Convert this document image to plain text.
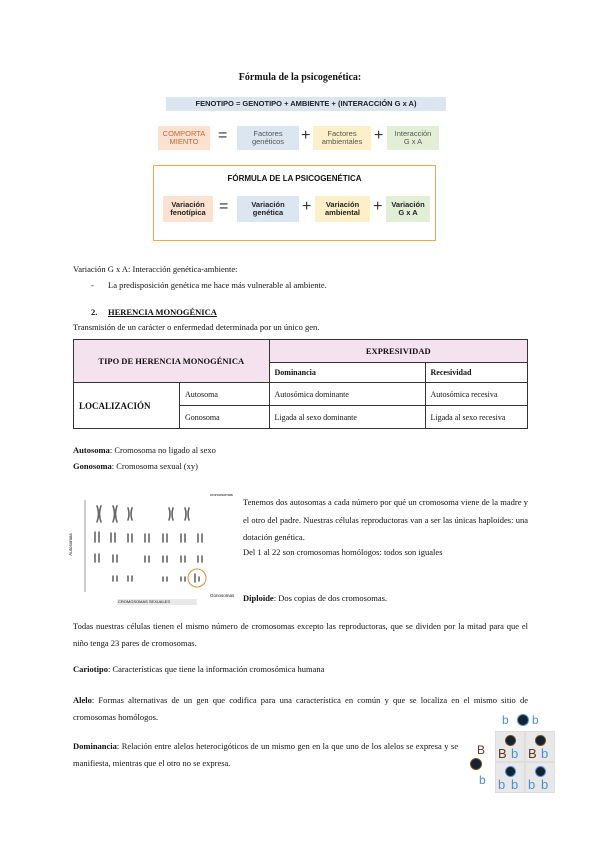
Fórmula de la psicogenética:
FENOTIPO = GENOTIPO + AMBIENTE + (INTERACCIÓN G x A)
COMPORTA
MIENTO	=	Factores
genéticos	+	Factores
ambientales +	Interacción
G x A
FÓRMULA DE LA PSICOGENÉTICA
Variación
fenotípica =	Variación
genética	+	Variación
ambiental +	Variación
G x A
Variación G x A: Interacción genética-ambiente:
- La predisposición genética me hace más vulnerable al ambiente.
2. HERENCIA MONOGÉNICA
Transmisión de un carácter o enfermedad determinada por un único gen.
TIPO DE HERENCIA MONOGÉNICA		EXPRESIVIDAD	
		Dominancia	Recesividad
LOCALIZACIÓN	Autosoma	Autosómica dominante	Autosómica recesiva
	Gonosoma	Ligada al sexo dominante	Ligada al sexo recesiva
Autosoma: Cromosoma no ligado al sexo
Gonosoma: Cromosoma sexual (xy)
cromosomas
Autosomas
Gonosomas
CROMOSOMAS SEXUALES
Tenemos dos autosomas a cada número por qué un cromosoma viene de la madre y el otro del padre. Nuestras células reproductoras van a ser las únicas haploides: una dotación genética.
Del 1 al 22 son cromosomas homólogos: todos son iguales
Diploide: Dos copias de dos cromosomas.
Todas nuestras células tienen el mismo número de cromosomas excepto las reproductoras, que se dividen por la mitad para que el niño tenga 23 pares de cromosomas.
Cariotipo: Características que tiene la información cromosómica humana
Alelo: Formas alternativas de un gen que codifica para una característica en común y que se localiza en el mismo sitio de cromosomas homólogos.
Dominancia: Relación entre alelos heterocigóticos de un mismo gen en la que uno de los alelos se expresa y se manifiesta, mientras que el otro no se expresa.
b b
B
b
B b B b
b b b b
